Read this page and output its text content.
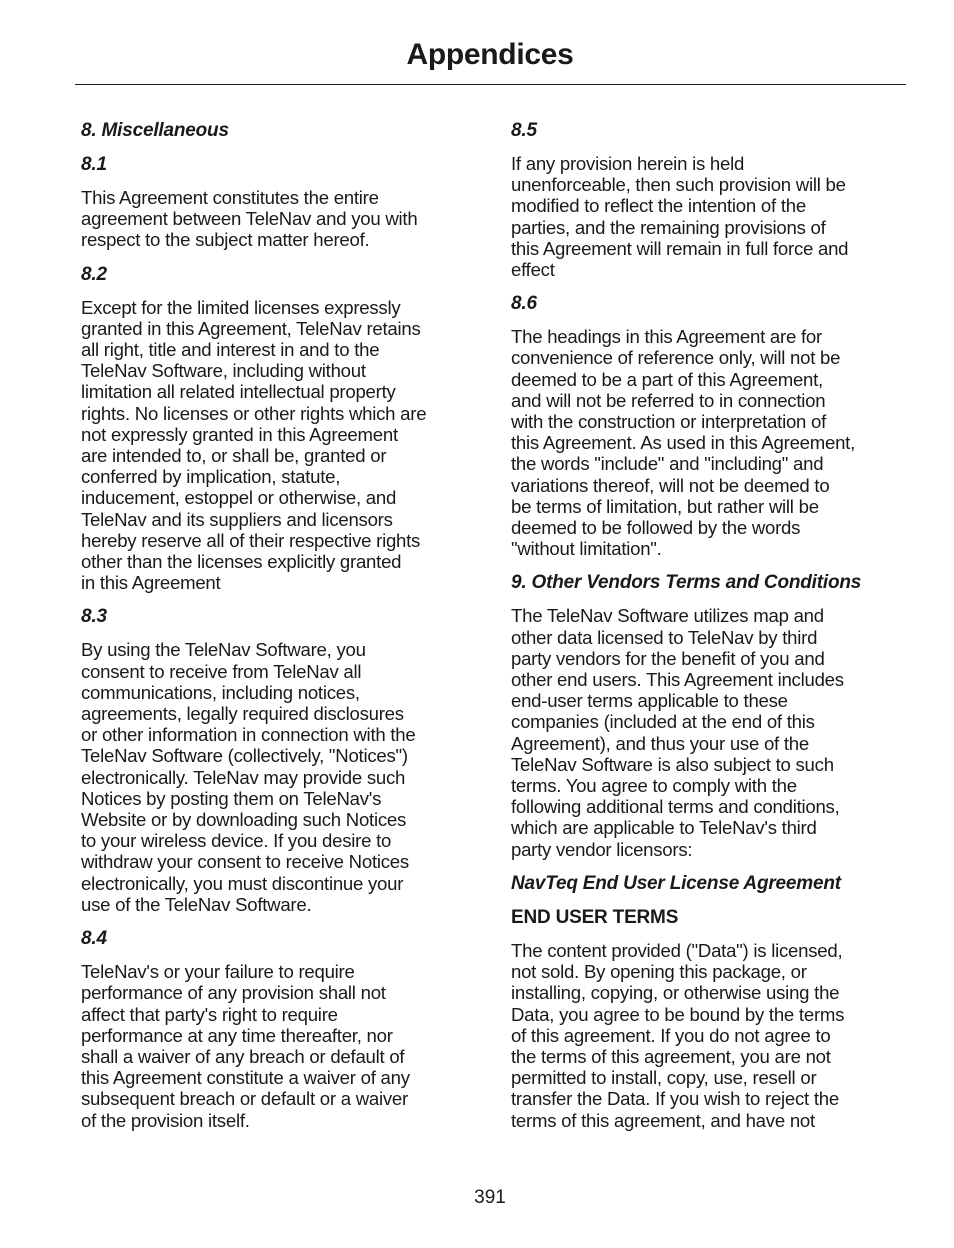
Appendices

8. Miscellaneous

8.1

This Agreement constitutes the entire
agreement between TeleNav and you with
respect to the subject matter hereof.

8.2

Except for the limited licenses expressly
granted in this Agreement, TeleNav retains
all right, title and interest in and to the
TeleNav Software, including without
limitation all related intellectual property
rights. No licenses or other rights which are
not expressly granted in this Agreement
are intended to, or shall be, granted or
conferred by implication, statute,
inducement, estoppel or otherwise, and
TeleNav and its suppliers and licensors
hereby reserve all of their respective rights
other than the licenses explicitly granted
in this Agreement

8.3

By using the TeleNav Software, you
consent to receive from TeleNav all
communications, including notices,
agreements, legally required disclosures
or other information in connection with the
TeleNav Software (collectively, "Notices")
electronically. TeleNav may provide such
Notices by posting them on TeleNav's
Website or by downloading such Notices
to your wireless device. If you desire to
withdraw your consent to receive Notices
electronically, you must discontinue your
use of the TeleNav Software.

8.4

TeleNav's or your failure to require
performance of any provision shall not
affect that party's right to require
performance at any time thereafter, nor
shall a waiver of any breach or default of
this Agreement constitute a waiver of any
subsequent breach or default or a waiver
of the provision itself.

8.5

If any provision herein is held
unenforceable, then such provision will be
modified to reflect the intention of the
parties, and the remaining provisions of
this Agreement will remain in full force and
effect

8.6

The headings in this Agreement are for
convenience of reference only, will not be
deemed to be a part of this Agreement,
and will not be referred to in connection
with the construction or interpretation of
this Agreement. As used in this Agreement,
the words "include" and "including" and
variations thereof, will not be deemed to
be terms of limitation, but rather will be
deemed to be followed by the words
"without limitation".

9. Other Vendors Terms and Conditions

The TeleNav Software utilizes map and
other data licensed to TeleNav by third
party vendors for the benefit of you and
other end users. This Agreement includes
end-user terms applicable to these
companies (included at the end of this
Agreement), and thus your use of the
TeleNav Software is also subject to such
terms. You agree to comply with the
following additional terms and conditions,
which are applicable to TeleNav's third
party vendor licensors:

NavTeq End User License Agreement

END USER TERMS

The content provided ("Data") is licensed,
not sold. By opening this package, or
installing, copying, or otherwise using the
Data, you agree to be bound by the terms
of this agreement. If you do not agree to
the terms of this agreement, you are not
permitted to install, copy, use, resell or
transfer the Data. If you wish to reject the
terms of this agreement, and have not

391
